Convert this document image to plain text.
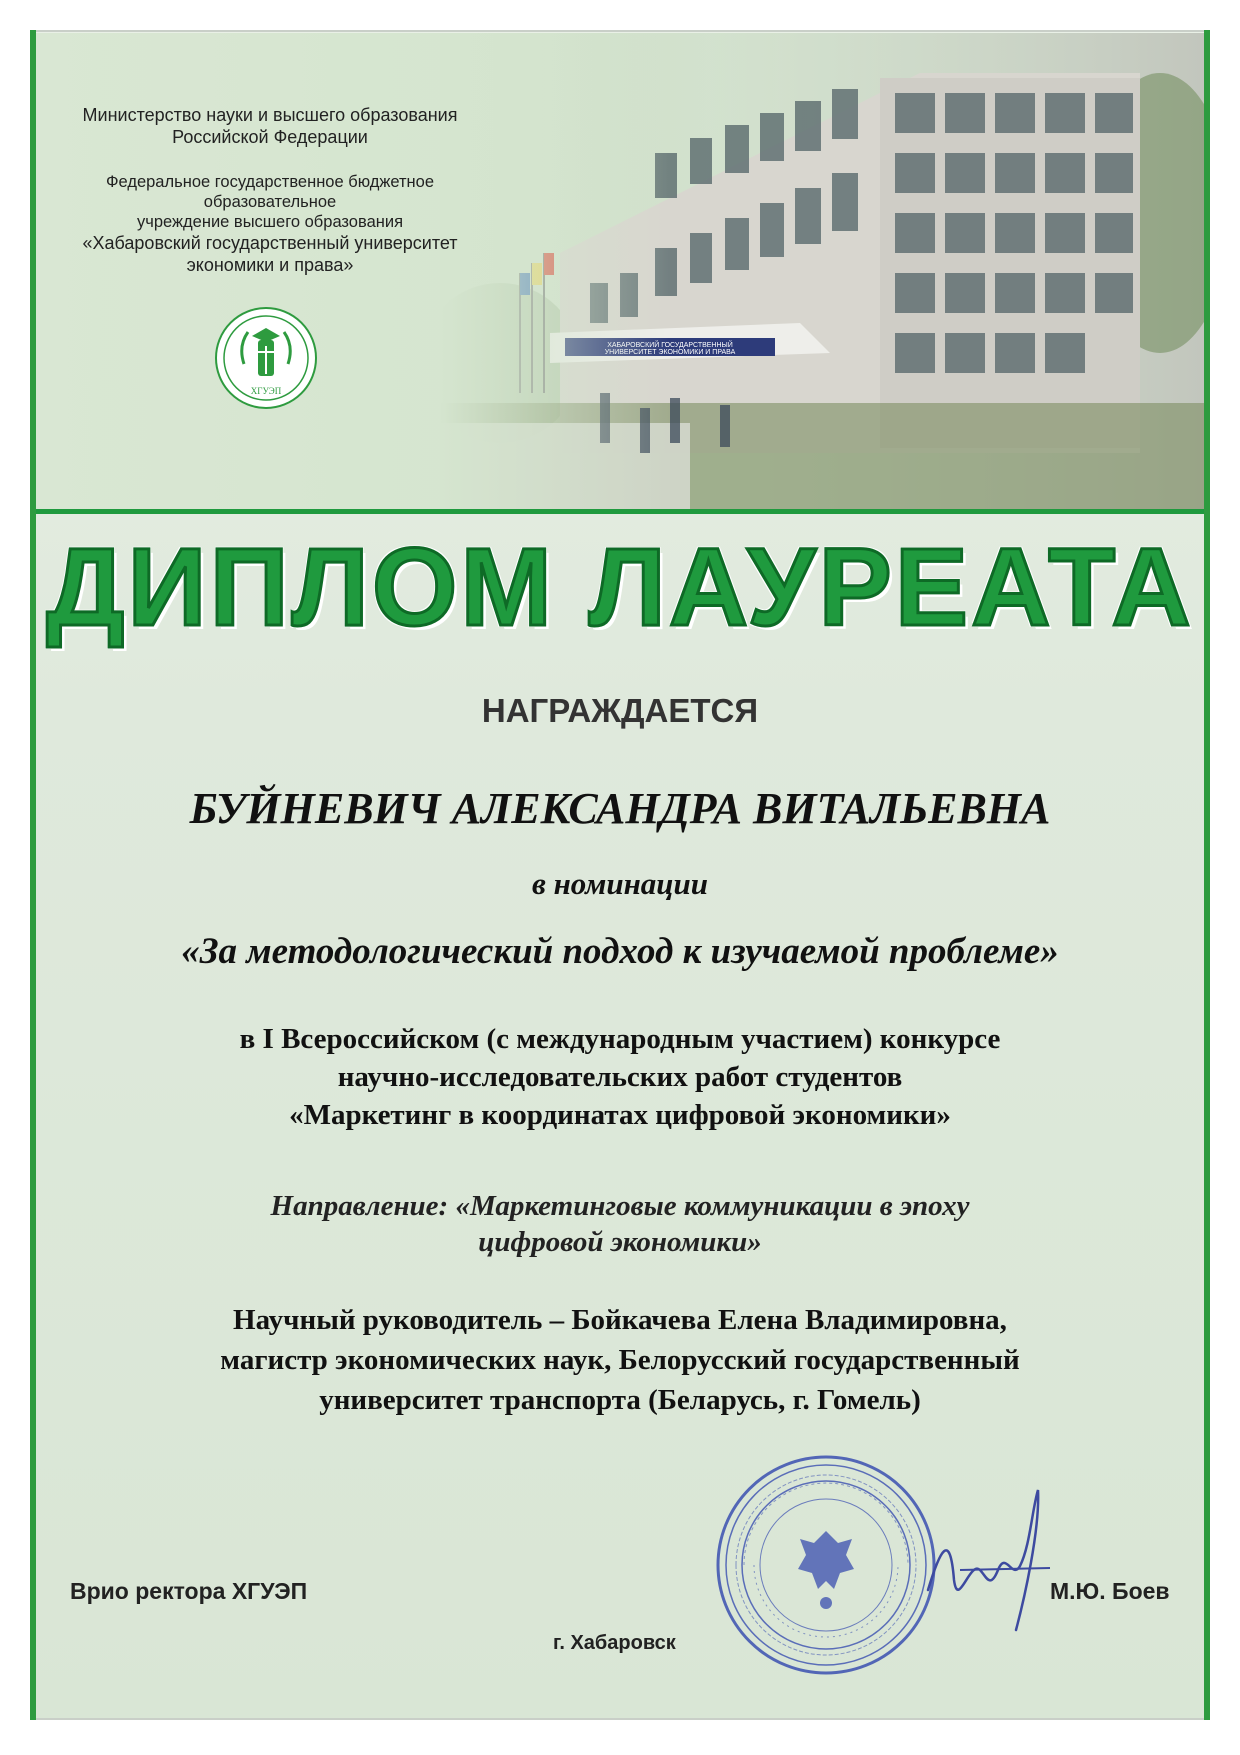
Министерство науки и высшего образования
Российской Федерации
Федеральное государственное бюджетное образовательное
учреждение высшего образования
«Хабаровский государственный университет
экономики и права»
ХГУЭП
ДИПЛОМ ЛАУРЕАТА
НАГРАЖДАЕТСЯ
БУЙНЕВИЧ АЛЕКСАНДРА ВИТАЛЬЕВНА
в номинации
«За методологический подход к изучаемой проблеме»
в I Всероссийском (с международным участием) конкурсе
научно-исследовательских работ студентов
«Маркетинг в координатах цифровой экономики»
Направление: «Маркетинговые коммуникации в эпоху
цифровой экономики»
Научный руководитель – Бойкачева Елена Владимировна,
магистр экономических наук, Белорусский государственный
университет транспорта (Беларусь, г. Гомель)
Врио ректора ХГУЭП	М.Ю. Боев
г. Хабаровск
